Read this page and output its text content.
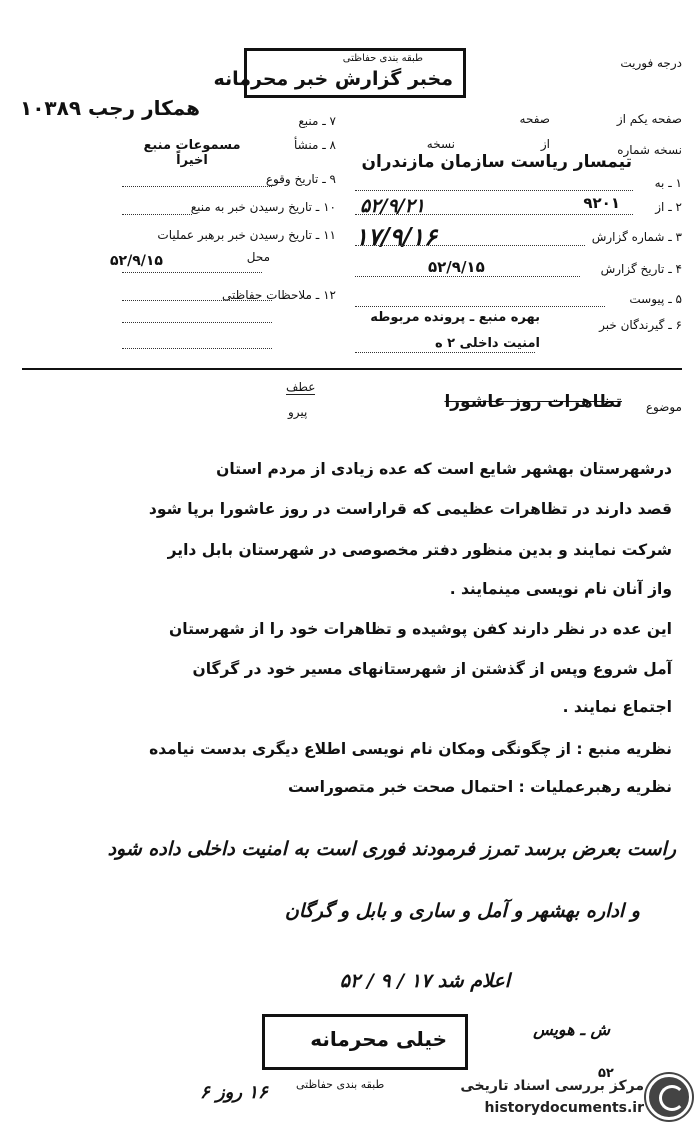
درجه فوریت
طبقه بندی حفاظتی
مخبر گزارش خبر محرمانه
صفحه یکم از
صفحه
نسخه شماره
از
نسخه
۱ ـ به
تیمسار ریاست سازمان مازندران
۲ ـ از
۹۲۰۱
۵۲/۹/۲۱
۳ ـ شماره گزارش
۱۷/۹/۱۶
۴ ـ تاریخ گزارش
۵۲/۹/۱۵
۵ ـ پیوست
۶ ـ گیرندگان خبر
بهره منبع ـ پرونده مربوطه
امنیت داخلی ۲ ه
۷ ـ منبع
همکار رجب ۱۰۳۸۹
۸ ـ منشأ
مسموعات منبع اخیراً
۹ ـ تاریخ وقوع
۱۰ ـ تاریخ رسیدن خبر به منبع
۱۱ ـ تاریخ رسیدن خبر برهبر عملیات
محل
۵۲/۹/۱۵
۱۲ ـ ملاحظات حفاظتی
موضوع
تظاهرات روز عاشورا
عطف
پیرو
درشهرستان بهشهر شایع است که عده زیادی از مردم استان
قصد دارند در تظاهرات عظیمی که قراراست در روز عاشورا برپا شود
شرکت نمایند و بدین منظور دفتر مخصوصی در شهرستان بابل دایر
واز آنان نام نویسی مینمایند .
این عده در نظر دارند کفن پوشیده و تظاهرات خود را از شهرستان
آمل شروع وپس از گذشتن از شهرستانهای مسیر خود در گرگان
اجتماع نمایند .
نظریه منبع : از چگونگی ومکان نام نویسی اطلاع دیگری بدست نیامده
نظریه رهبرعملیات : احتمال صحت خبر متصوراست
راست بعرض برسد تمرز فرمودند فوری است به امنیت داخلی داده شود
و اداره بهشهر و آمل و ساری و بابل و گرگان
اعلام شد ۱۷ / ۹ / ۵۲
ش ـ هویس
خیلی محرمانه
طبقه بندی حفاظتی
۵۲
۱۶ روز ۶	مرکز بررسی اسناد تاریخی
historydocuments.ir
